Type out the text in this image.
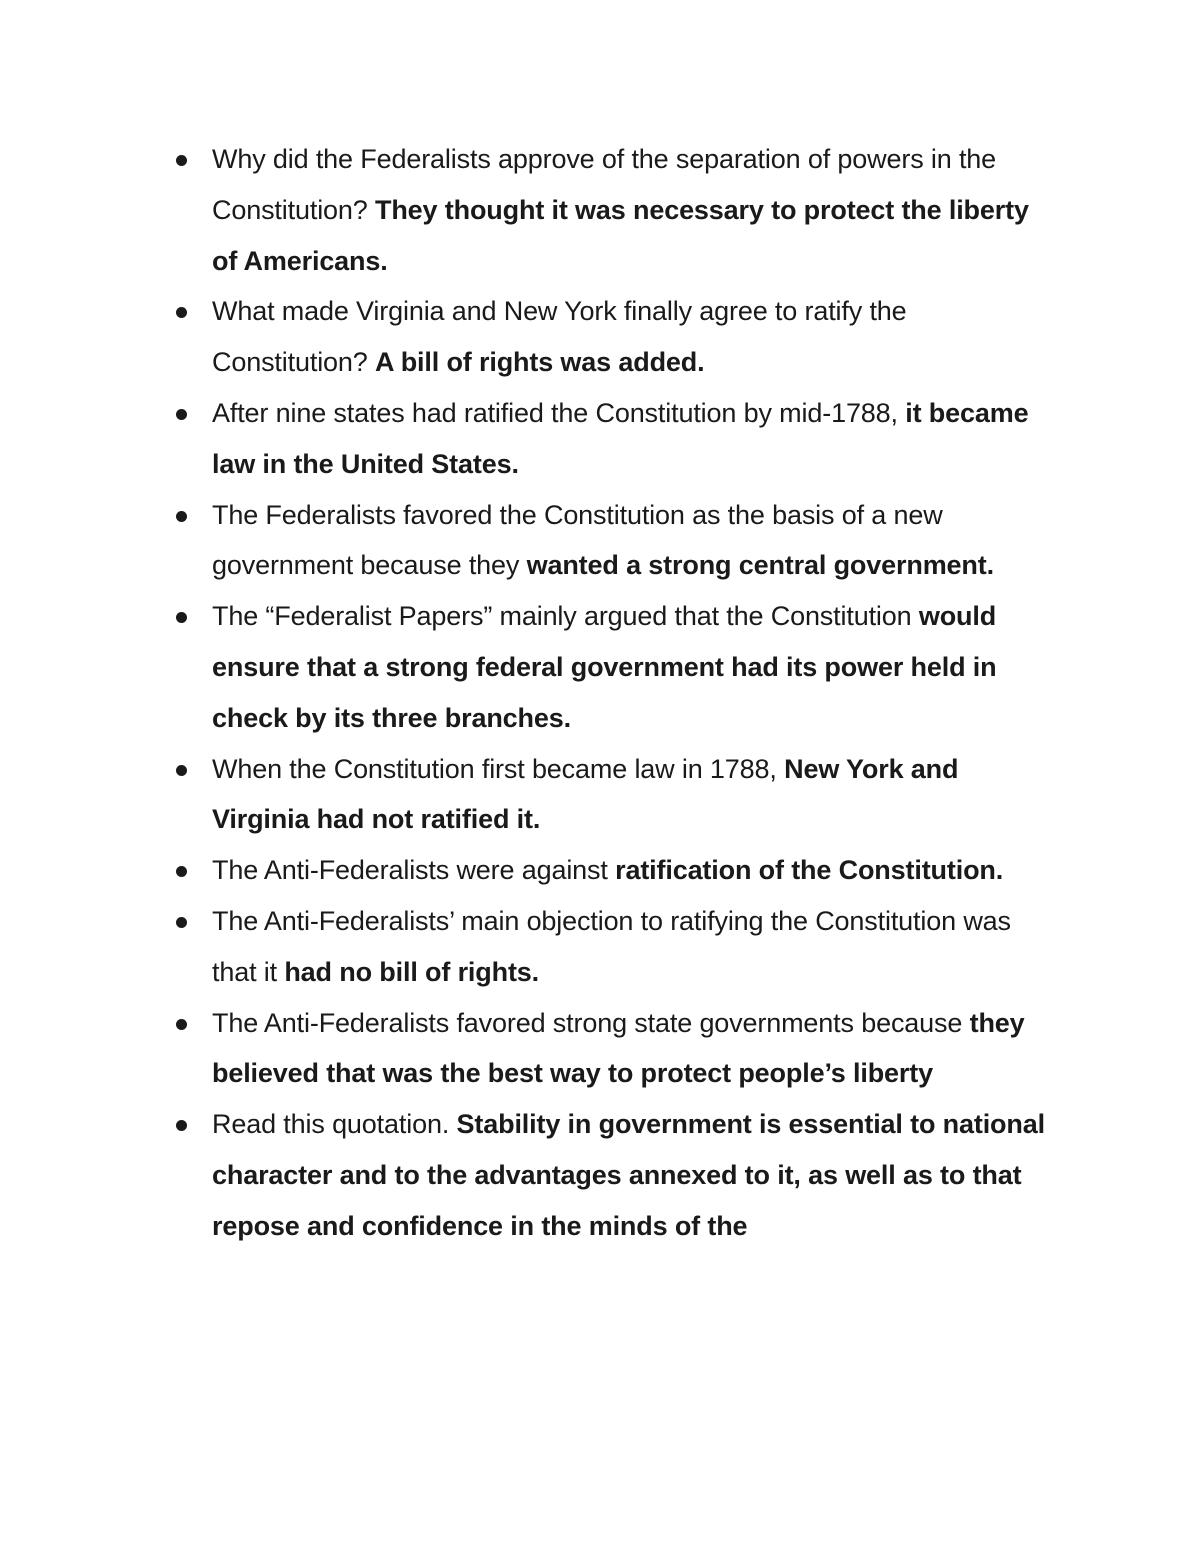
Why did the Federalists approve of the separation of powers in the Constitution? They thought it was necessary to protect the liberty of Americans.
What made Virginia and New York finally agree to ratify the Constitution? A bill of rights was added.
After nine states had ratified the Constitution by mid-1788, it became law in the United States.
The Federalists favored the Constitution as the basis of a new government because they wanted a strong central government.
The “Federalist Papers” mainly argued that the Constitution would ensure that a strong federal government had its power held in check by its three branches.
When the Constitution first became law in 1788, New York and Virginia had not ratified it.
The Anti-Federalists were against ratification of the Constitution.
The Anti-Federalists’ main objection to ratifying the Constitution was that it had no bill of rights.
The Anti-Federalists favored strong state governments because they believed that was the best way to protect people’s liberty
Read this quotation. Stability in government is essential to national character and to the advantages annexed to it, as well as to that repose and confidence in the minds of the
